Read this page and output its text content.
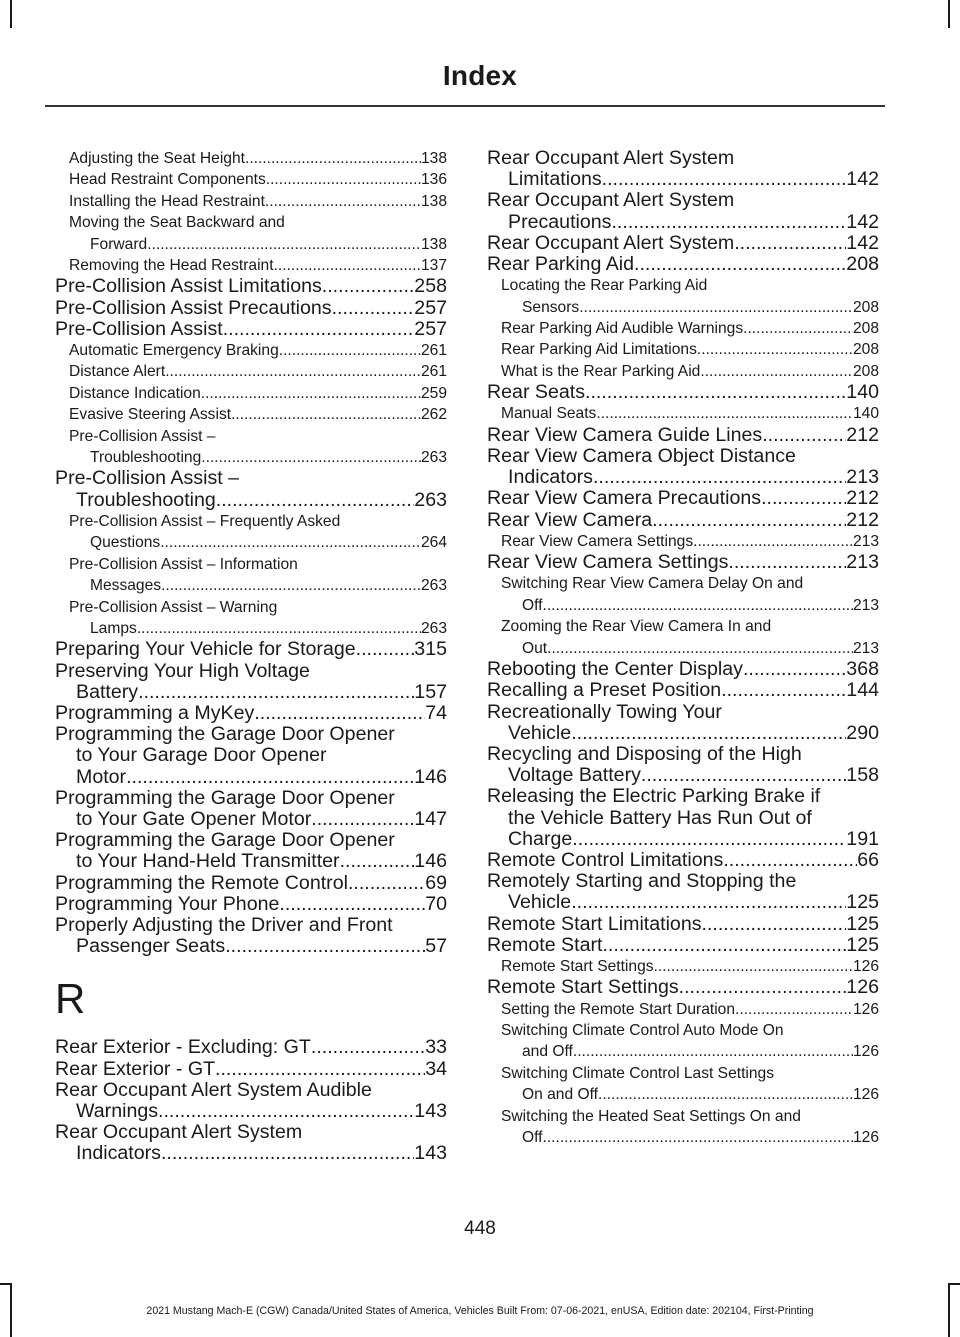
Index
Adjusting the Seat Height .....	138
Head Restraint Components .....	136
Installing the Head Restraint .....	138
Moving the Seat Backward and
Forward .....	138
Removing the Head Restraint .....	137
Pre-Collision Assist Limitations .....	258
Pre-Collision Assist Precautions .....	257
Pre-Collision Assist .....	257
Automatic Emergency Braking .....	261
Distance Alert .....	261
Distance Indication .....	259
Evasive Steering Assist .....	262
Pre-Collision Assist –
Troubleshooting .....	263
Pre-Collision Assist –
Troubleshooting .....	263
Pre-Collision Assist – Frequently Asked
Questions .....	264
Pre-Collision Assist – Information
Messages .....	263
Pre-Collision Assist – Warning
Lamps .....	263
Preparing Your Vehicle for Storage .....	315
Preserving Your High Voltage
Battery .....	157
Programming a MyKey .....	74
Programming the Garage Door Opener
to Your Garage Door Opener
Motor .....	146
Programming the Garage Door Opener
to Your Gate Opener Motor .....	147
Programming the Garage Door Opener
to Your Hand-Held Transmitter .....	146
Programming the Remote Control .....	69
Programming Your Phone .....	70
Properly Adjusting the Driver and Front
Passenger Seats .....	57
R
Rear Exterior - Excluding: GT .....	33
Rear Exterior - GT .....	34
Rear Occupant Alert System Audible
Warnings .....	143
Rear Occupant Alert System
Indicators .....	143
Rear Occupant Alert System
Limitations .....	142
Rear Occupant Alert System
Precautions .....	142
Rear Occupant Alert System .....	142
Rear Parking Aid .....	208
Locating the Rear Parking Aid
Sensors .....	208
Rear Parking Aid Audible Warnings .....	208
Rear Parking Aid Limitations .....	208
What is the Rear Parking Aid .....	208
Rear Seats .....	140
Manual Seats .....	140
Rear View Camera Guide Lines .....	212
Rear View Camera Object Distance
Indicators .....	213
Rear View Camera Precautions .....	212
Rear View Camera .....	212
Rear View Camera Settings .....	213
Rear View Camera Settings .....	213
Switching Rear View Camera Delay On and
Off .....	213
Zooming the Rear View Camera In and
Out .....	213
Rebooting the Center Display .....	368
Recalling a Preset Position .....	144
Recreationally Towing Your
Vehicle .....	290
Recycling and Disposing of the High
Voltage Battery .....	158
Releasing the Electric Parking Brake if
the Vehicle Battery Has Run Out of
Charge .....	191
Remote Control Limitations .....	66
Remotely Starting and Stopping the
Vehicle .....	125
Remote Start Limitations .....	125
Remote Start .....	125
Remote Start Settings .....	126
Remote Start Settings .....	126
Setting the Remote Start Duration .....	126
Switching Climate Control Auto Mode On
and Off .....	126
Switching Climate Control Last Settings
On and Off .....	126
Switching the Heated Seat Settings On and
Off .....	126
448
2021 Mustang Mach-E (CGW) Canada/United States of America, Vehicles Built From: 07-06-2021, enUSA, Edition date: 202104, First-Printing
